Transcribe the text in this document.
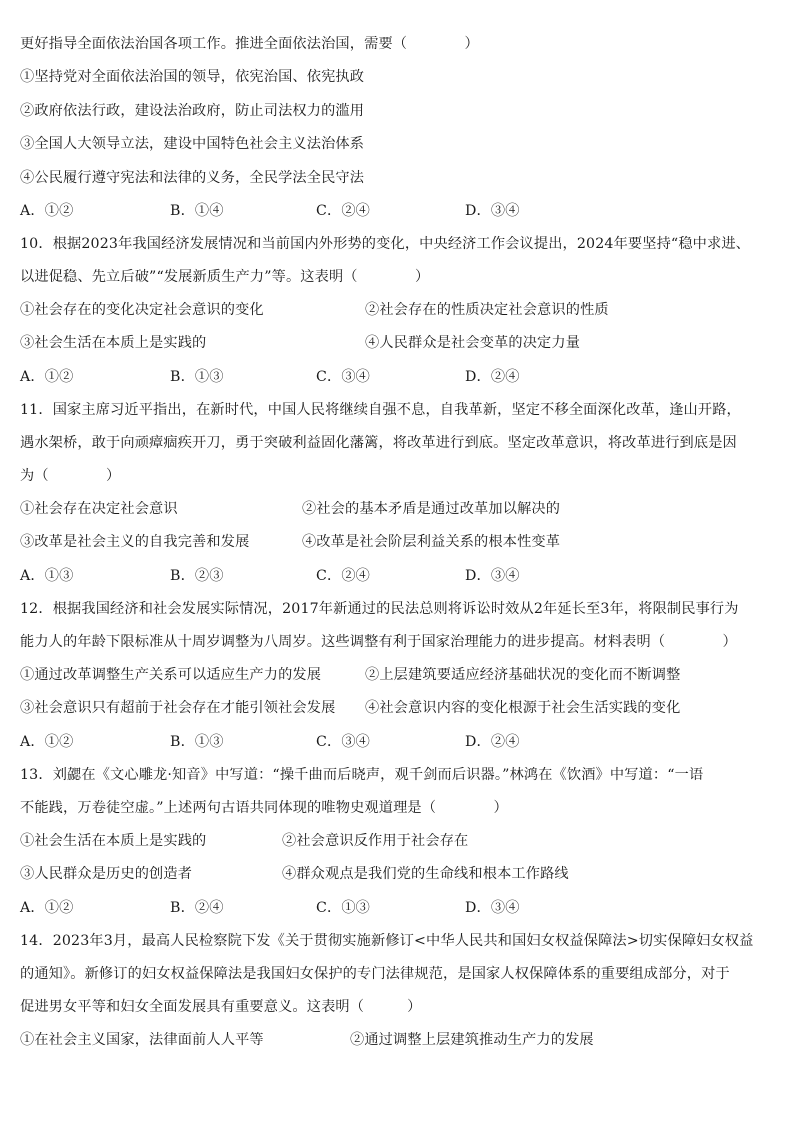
更好指导全面依法治国各项工作。推进全面依法治国，需要（　　　　）
①坚持党对全面依法治国的领导，依宪治国、依宪执政
②政府依法行政，建设法治政府，防止司法权力的滥用
③全国人大领导立法，建设中国特色社会主义法治体系
④公民履行遵守宪法和法律的义务，全民学法全民守法
A．①②	B．①④	C．②④	D．③④
10．根据2023年我国经济发展情况和当前国内外形势的变化，中央经济工作会议提出，2024年要坚持“稳中求进、
以进促稳、先立后破”“发展新质生产力”等。这表明（　　　　）
①社会存在的变化决定社会意识的变化	②社会存在的性质决定社会意识的性质
③社会生活在本质上是实践的	④人民群众是社会变革的决定力量
A．①②	B．①③	C．③④	D．②④
11．国家主席习近平指出，在新时代，中国人民将继续自强不息，自我革新，坚定不移全面深化改革，逢山开路，
遇水架桥，敢于向顽瘴痼疾开刀，勇于突破利益固化藩篱，将改革进行到底。坚定改革意识，将改革进行到底是因
为（　　　　）
①社会存在决定社会意识	②社会的基本矛盾是通过改革加以解决的
③改革是社会主义的自我完善和发展	④改革是社会阶层利益关系的根本性变革
A．①③	B．②③	C．②④	D．③④
12．根据我国经济和社会发展实际情况，2017年新通过的民法总则将诉讼时效从2年延长至3年，将限制民事行为
能力人的年龄下限标准从十周岁调整为八周岁。这些调整有利于国家治理能力的进步提高。材料表明（　　　　）
①通过改革调整生产关系可以适应生产力的发展	②上层建筑要适应经济基础状况的变化而不断调整
③社会意识只有超前于社会存在才能引领社会发展 ④社会意识内容的变化根源于社会生活实践的变化
A．①②	B．①③	C．③④	D．②④
13．刘勰在《文心雕龙·知音》中写道：“操千曲而后晓声，观千剑而后识器。”林鸿在《饮酒》中写道：“一语
不能践，万卷徒空虚。”上述两句古语共同体现的唯物史观道理是（　　　　）
①社会生活在本质上是实践的	②社会意识反作用于社会存在
③人民群众是历史的创造者	④群众观点是我们党的生命线和根本工作路线
A．①②	B．②④	C．①③	D．③④
14．2023年3月，最高人民检察院下发《关于贯彻实施新修订<中华人民共和国妇女权益保障法>切实保障妇女权益
的通知》。新修订的妇女权益保障法是我国妇女保护的专门法律规范，是国家人权保障体系的重要组成部分，对于
促进男女平等和妇女全面发展具有重要意义。这表明（　　　）
①在社会主义国家，法律面前人人平等	②通过调整上层建筑推动生产力的发展
